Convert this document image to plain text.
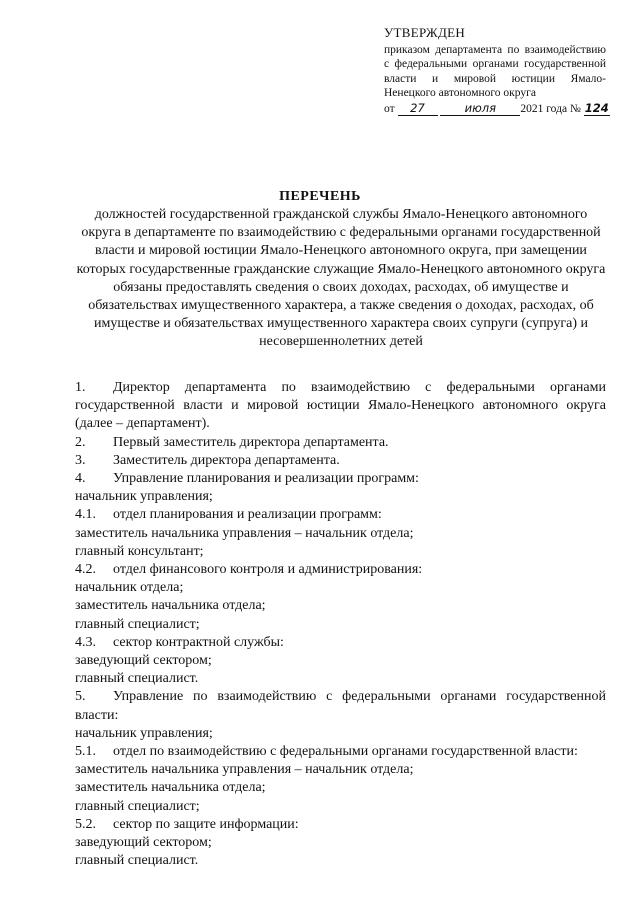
УТВЕРЖДЕН
приказом департамента по взаимодействию с федеральными органами государственной власти и мировой юстиции Ямало-Ненецкого автономного округа
от 27	июля 2021 года № 124
ПЕРЕЧЕНЬ
должностей государственной гражданской службы Ямало-Ненецкого автономного округа в департаменте по взаимодействию с федеральными органами государственной власти и мировой юстиции Ямало-Ненецкого автономного округа, при замещении которых государственные гражданские служащие Ямало-Ненецкого автономного округа обязаны предоставлять сведения о своих доходах, расходах, об имуществе и обязательствах имущественного характера, а также сведения о доходах, расходах, об имуществе и обязательствах имущественного характера своих супруги (супруга) и несовершеннолетних детей

1. Директор департамента по взаимодействию с федеральными органами государственной власти и мировой юстиции Ямало-Ненецкого автономного округа (далее – департамент).

2. Первый заместитель директора департамента.

3. Заместитель директора департамента.

4. Управление планирования и реализации программ:

начальник управления;

4.1. отдел планирования и реализации программ:

заместитель начальника управления – начальник отдела;

главный консультант;

4.2. отдел финансового контроля и администрирования:

начальник отдела;

заместитель начальника отдела;

главный специалист;

4.3. сектор контрактной службы:

заведующий сектором;

главный специалист.

5. Управление по взаимодействию с федеральными органами государственной власти:

начальник управления;

5.1. отдел по взаимодействию с федеральными органами государственной власти:

заместитель начальника управления – начальник отдела;

заместитель начальника отдела;

главный специалист;

5.2. сектор по защите информации:

заведующий сектором;

главный специалист.
